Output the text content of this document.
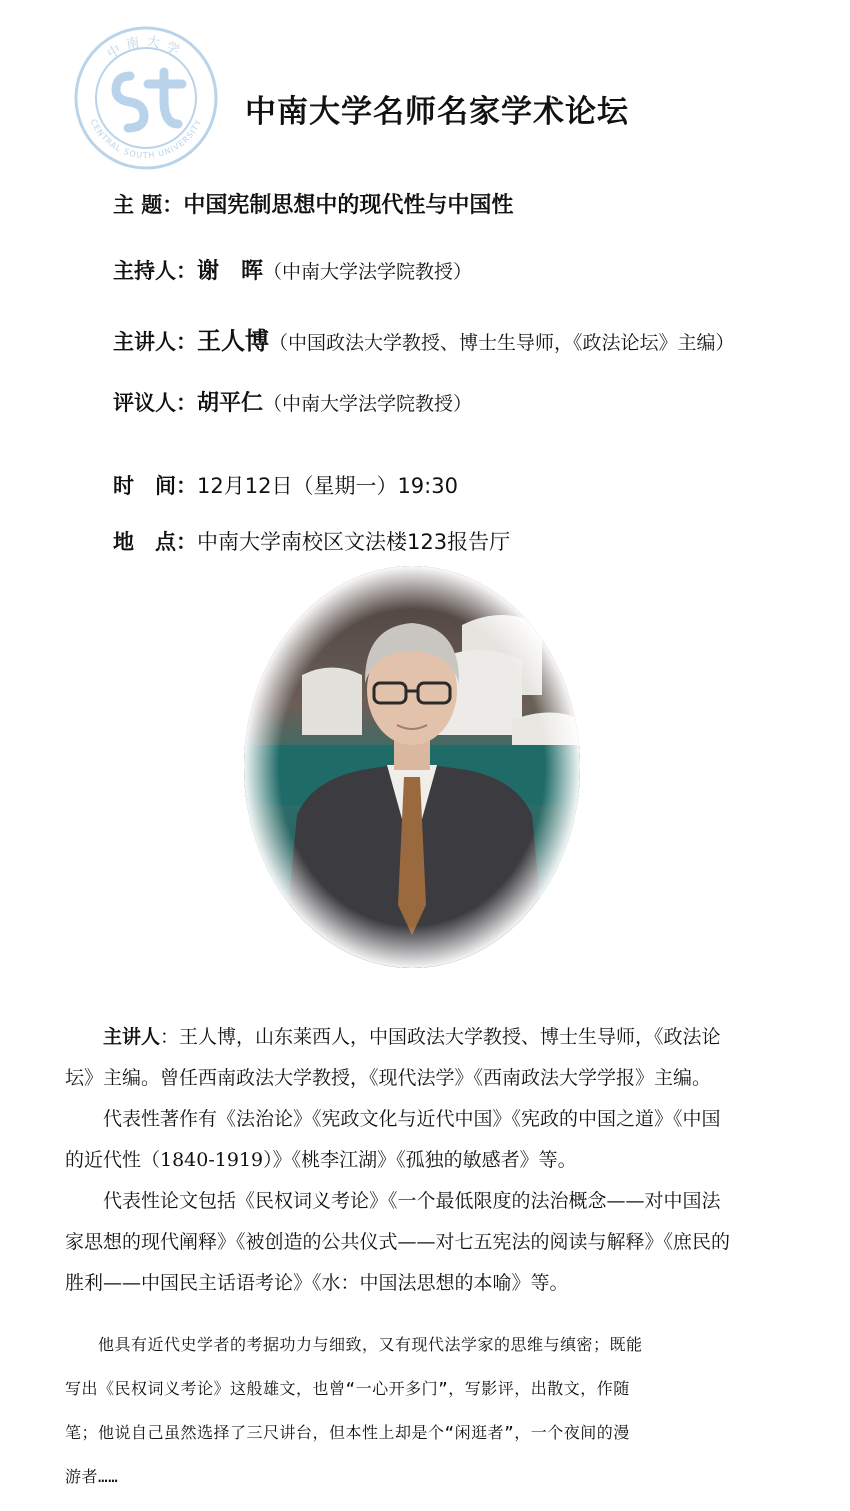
中南大学
CENTRAL SOUTH UNIVERSITY 中南大学名师名家学术论坛
主 题：中国宪制思想中的现代性与中国性
主持人：谢　晖（中南大学法学院教授）
主讲人：王人博（中国政法大学教授、博士生导师，《政法论坛》主编）
评议人：胡平仁（中南大学法学院教授）
时　间：12月12日（星期一）19:30
地　点：中南大学南校区文法楼123报告厅

主讲人：王人博，山东莱西人，中国政法大学教授、博士生导师，《政法论

坛》主编。曾任西南政法大学教授，《现代法学》《西南政法大学学报》主编。

代表性著作有《法治论》《宪政文化与近代中国》《宪政的中国之道》《中国

的近代性（1840-1919）》《桃李江湖》《孤独的敏感者》等。

代表性论文包括《民权词义考论》《一个最低限度的法治概念——对中国法

家思想的现代阐释》《被创造的公共仪式——对七五宪法的阅读与解释》《庶民的

胜利——中国民主话语考论》《水：中国法思想的本喻》等。

　　他具有近代史学者的考据功力与细致，又有现代法学家的思维与缜密；既能
写出《民权词义考论》这般雄文，也曾“一心开多门”，写影评，出散文，作随
笔；他说自己虽然选择了三尺讲台，但本性上却是个“闲逛者”，一个夜间的漫
游者……
